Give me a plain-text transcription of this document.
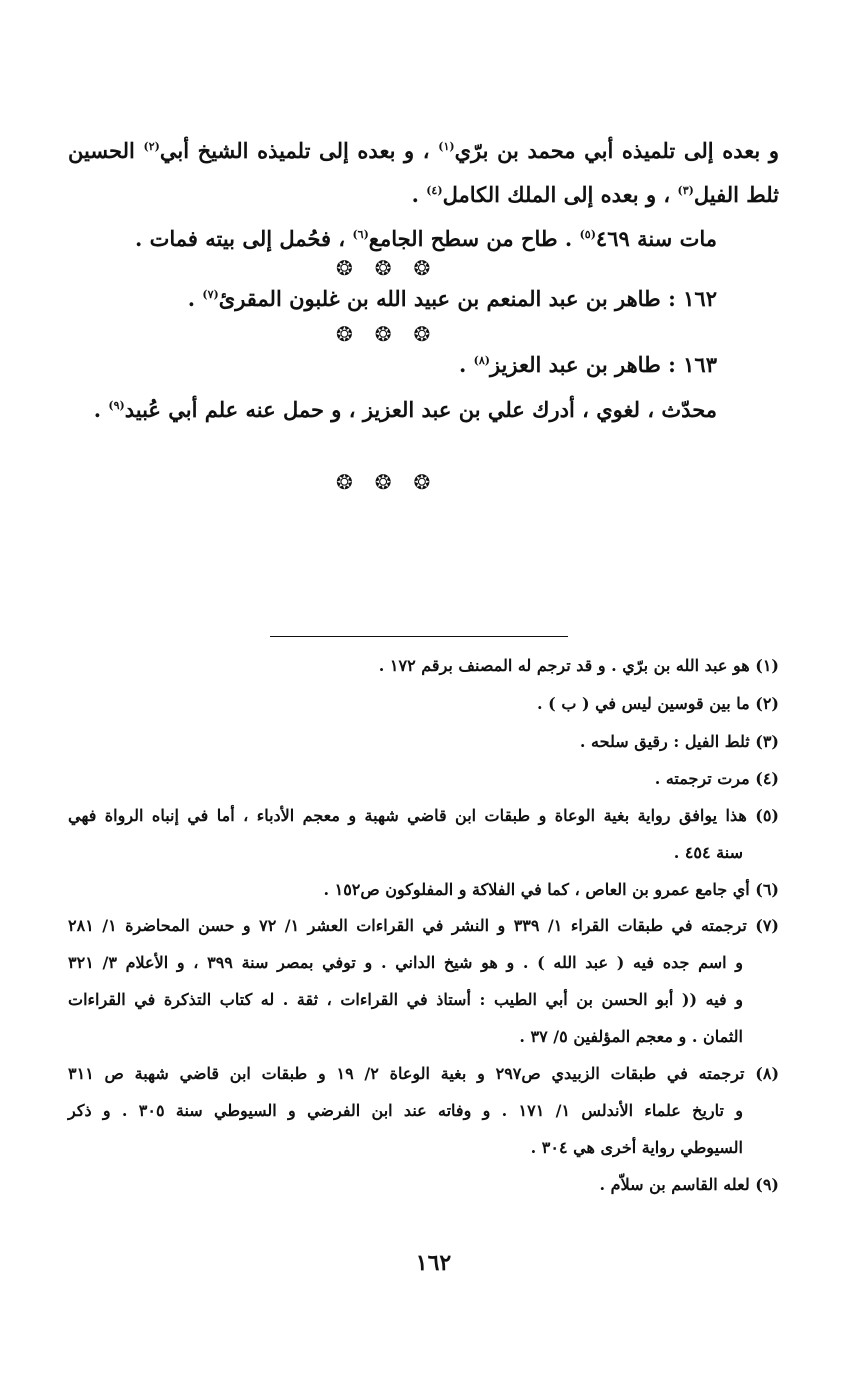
و بعده إلى تلميذه أبي محمد بن برّي$^{(١)}$ ، و بعده إلى تلميذه الشيخ أبي$^{(٢)}$ الحسين
ثلط الفيل$^{(٣)}$ ، و بعده إلى الملك الكامل$^{(٤)}$ .
مات سنة ٤٦٩$^{(٥)}$ . طاح من سطح الجامع$^{(٦)}$ ، فحُمل إلى بيته فمات .
❂ ❂ ❂
١٦٢ : طاهر بن عبد المنعم بن عبيد الله بن غلبون المقرئ$^{(٧)}$ .
❂ ❂ ❂
١٦٣ : طاهر بن عبد العزيز$^{(٨)}$ .
محدّث ، لغوي ، أدرك علي بن عبد العزيز ، و حمل عنه علم أبي عُبيد$^{(٩)}$ .
❂ ❂ ❂
(١) هو عبد الله بن برّي . و قد ترجم له المصنف برقم ١٧٢ .
(٢) ما بين قوسين ليس في ( ب ) .
(٣) ثلط الفيل : رقيق سلحه .
(٤) مرت ترجمته .
(٥) هذا يوافق رواية بغية الوعاة و طبقات ابن قاضي شهبة و معجم الأدباء ، أما في إنباه الرواة فهي
سنة ٤٥٤ .
(٦) أي جامع عمرو بن العاص ، كما في الفلاكة و المفلوكون ص١٥٢ .
(٧) ترجمته في طبقات القراء ١/ ٣٣٩ و النشر في القراءات العشر ١/ ٧٢ و حسن المحاضرة ١/ ٢٨١
و اسم جده فيه ( عبد الله ) . و هو شيخ الداني . و توفي بمصر سنة ٣٩٩ ، و الأعلام ٣/ ٣٢١
و فيه (( أبو الحسن بن أبي الطيب : أستاذ في القراءات ، ثقة . له كتاب التذكرة في القراءات
الثمان . و معجم المؤلفين ٥/ ٣٧ .
(٨) ترجمته في طبقات الزبيدي ص٢٩٧ و بغية الوعاة ٢/ ١٩ و طبقات ابن قاضي شهبة ص ٣١١
و تاريخ علماء الأندلس ١/ ١٧١ . و وفاته عند ابن الفرضي و السيوطي سنة ٣٠٥ . و ذكر
السيوطي رواية أخرى هي ٣٠٤ .
(٩) لعله القاسم بن سلاّم .
١٦٢
